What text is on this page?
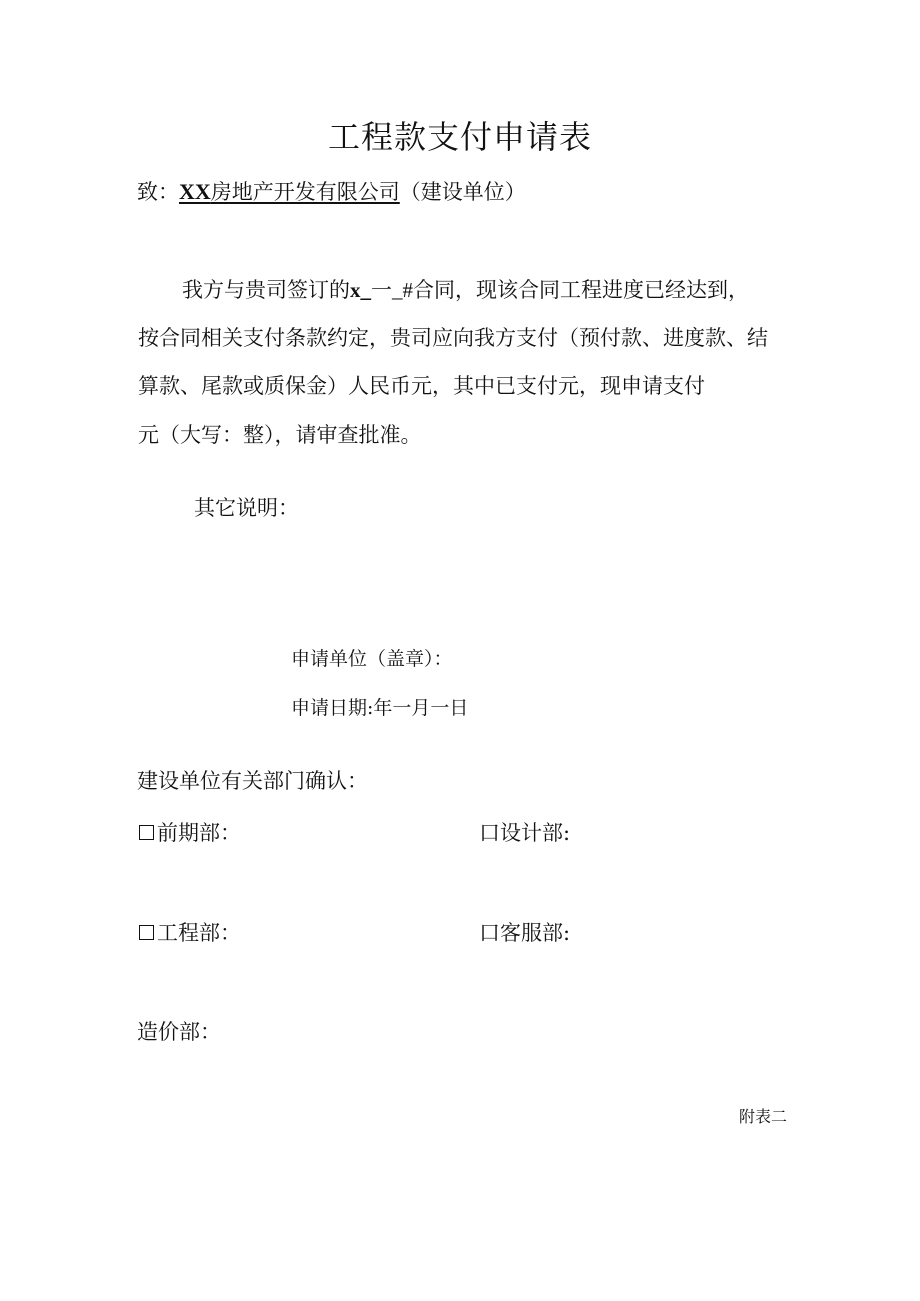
工程款支付申请表
致：XX房地产开发有限公司（建设单位）
我方与贵司签订的x_一_#合同，现该合同工程进度已经达到，
按合同相关支付条款约定，贵司应向我方支付（预付款、进度款、结
算款、尾款或质保金）人民币元，其中已支付元，现申请支付
元（大写：整），请审查批准。
其它说明：
申请单位（盖章）：
申请日期:年一月一日
建设单位有关部门确认：
前期部：	口 设计部:
工程部：	口 客服部:
造价部：
附表二
